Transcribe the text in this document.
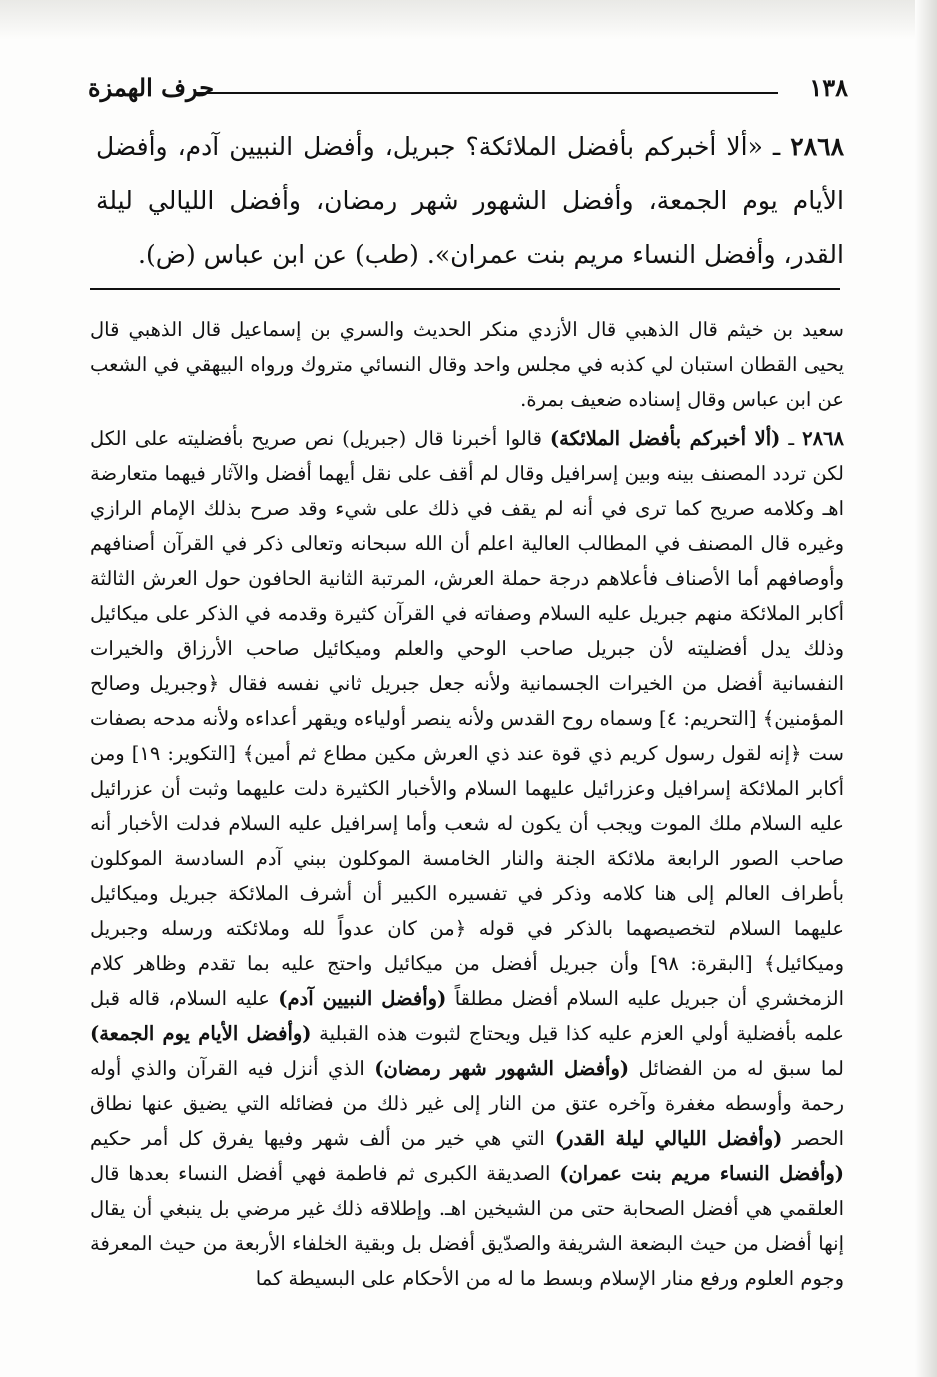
١٣٨
حرف الهمزة
٢٨٦٨ ـ «ألا أخبركم بأفضل الملائكة؟ جبريل، وأفضل النبيين آدم، وأفضل الأيام يوم الجمعة، وأفضل الشهور شهر رمضان، وأفضل الليالي ليلة القدر، وأفضل النساء مريم بنت عمران». (طب) عن ابن عباس (ض).

سعيد بن خيثم قال الذهبي قال الأزدي منكر الحديث والسري بن إسماعيل قال الذهبي قال يحيى القطان استبان لي كذبه في مجلس واحد وقال النسائي متروك ورواه البيهقي في الشعب عن ابن عباس وقال إسناده ضعيف بمرة.

٢٨٦٨ ـ (ألا أخبركم بأفضل الملائكة) قالوا أخبرنا قال (جبريل) نص صريح بأفضليته على الكل لكن تردد المصنف بينه وبين إسرافيل وقال لم أقف على نقل أيهما أفضل والآثار فيهما متعارضة اهـ وكلامه صريح كما ترى في أنه لم يقف في ذلك على شيء وقد صرح بذلك الإمام الرازي وغيره قال المصنف في المطالب العالية اعلم أن الله سبحانه وتعالى ذكر في القرآن أصنافهم وأوصافهم أما الأصناف فأعلاهم درجة حملة العرش، المرتبة الثانية الحافون حول العرش الثالثة أكابر الملائكة منهم جبريل عليه السلام وصفاته في القرآن كثيرة وقدمه في الذكر على ميكائيل وذلك يدل أفضليته لأن جبريل صاحب الوحي والعلم وميكائيل صاحب الأرزاق والخيرات النفسانية أفضل من الخيرات الجسمانية ولأنه جعل جبريل ثاني نفسه فقال ﴿وجبريل وصالح المؤمنين﴾ [التحريم: ٤] وسماه روح القدس ولأنه ينصر أولياءه ويقهر أعداءه ولأنه مدحه بصفات ست ﴿إنه لقول رسول كريم ذي قوة عند ذي العرش مكين مطاع ثم أمين﴾ [التكوير: ١٩] ومن أكابر الملائكة إسرافيل وعزرائيل عليهما السلام والأخبار الكثيرة دلت عليهما وثبت أن عزرائيل عليه السلام ملك الموت ويجب أن يكون له شعب وأما إسرافيل عليه السلام فدلت الأخبار أنه صاحب الصور الرابعة ملائكة الجنة والنار الخامسة الموكلون ببني آدم السادسة الموكلون بأطراف العالم إلى هنا كلامه وذكر في تفسيره الكبير أن أشرف الملائكة جبريل وميكائيل عليهما السلام لتخصيصهما بالذكر في قوله ﴿من كان عدواً لله وملائكته ورسله وجبريل وميكائيل﴾ [البقرة: ٩٨] وأن جبريل أفضل من ميكائيل واحتج عليه بما تقدم وظاهر كلام الزمخشري أن جبريل عليه السلام أفضل مطلقاً (وأفضل النبيين آدم) عليه السلام، قاله قبل علمه بأفضلية أولي العزم عليه كذا قيل ويحتاج لثبوت هذه القبلية (وأفضل الأيام يوم الجمعة) لما سبق له من الفضائل (وأفضل الشهور شهر رمضان) الذي أنزل فيه القرآن والذي أوله رحمة وأوسطه مغفرة وآخره عتق من النار إلى غير ذلك من فضائله التي يضيق عنها نطاق الحصر (وأفضل الليالي ليلة القدر) التي هي خير من ألف شهر وفيها يفرق كل أمر حكيم (وأفضل النساء مريم بنت عمران) الصديقة الكبرى ثم فاطمة فهي أفضل النساء بعدها قال العلقمي هي أفضل الصحابة حتى من الشيخين اهـ. وإطلاقه ذلك غير مرضي بل ينبغي أن يقال إنها أفضل من حيث البضعة الشريفة والصدّيق أفضل بل وبقية الخلفاء الأربعة من حيث المعرفة وجوم العلوم ورفع منار الإسلام وبسط ما له من الأحكام على البسيطة كما
